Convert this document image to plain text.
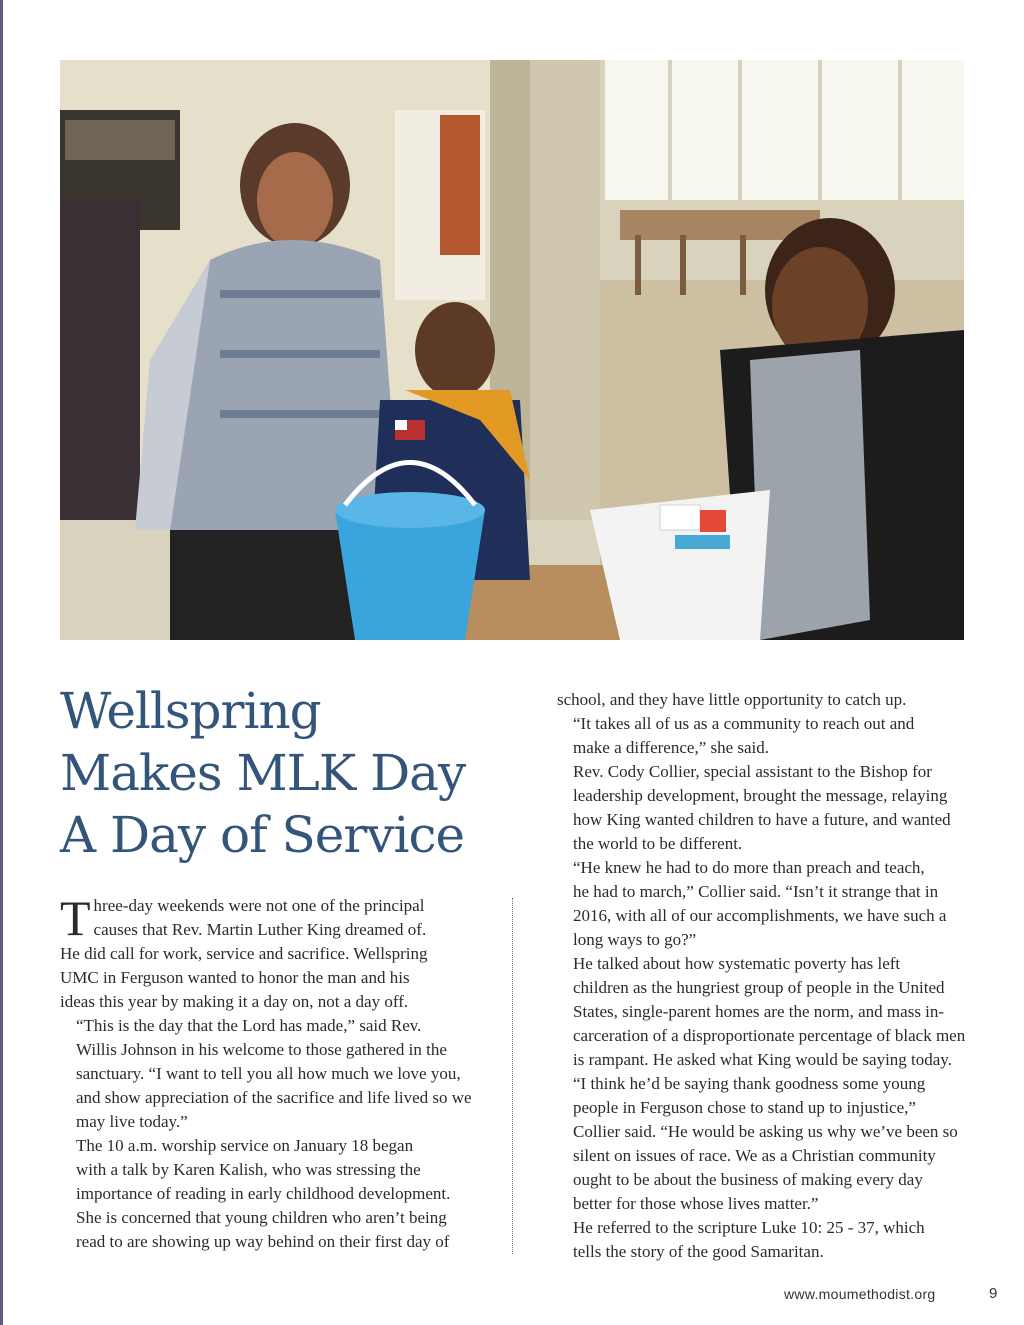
Wellspring
Makes MLK Day
A Day of Service

T hree-day weekends were not one of the principal
causes that Rev. Martin Luther King dreamed of.
He did call for work, service and sacrifice. Wellspring
UMC in Ferguson wanted to honor the man and his
ideas this year by making it a day on, not a day off.

“This is the day that the Lord has made,” said Rev.

Willis Johnson in his welcome to those gathered in the
sanctuary. “I want to tell you all how much we love you,
and show appreciation of the sacrifice and life lived so we
may live today.”

The 10 a.m. worship service on January 18 began

with a talk by Karen Kalish, who was stressing the
importance of reading in early childhood development.
She is concerned that young children who aren’t being
read to are showing up way behind on their first day of

school, and they have little opportunity to catch up.

“It takes all of us as a community to reach out and

make a difference,” she said.

Rev. Cody Collier, special assistant to the Bishop for

leadership development, brought the message, relaying
how King wanted children to have a future, and wanted
the world to be different.

“He knew he had to do more than preach and teach,

he had to march,” Collier said. “Isn’t it strange that in
2016, with all of our accomplishments, we have such a
long ways to go?”

He talked about how systematic poverty has left

children as the hungriest group of people in the United
States, single-parent homes are the norm, and mass in-
carceration of a disproportionate percentage of black men
is rampant. He asked what King would be saying today.

“I think he’d be saying thank goodness some young

people in Ferguson chose to stand up to injustice,”
Collier said. “He would be asking us why we’ve been so
silent on issues of race. We as a Christian community
ought to be about the business of making every day
better for those whose lives matter.”

He referred to the scripture Luke 10: 25 - 37, which

tells the story of the good Samaritan.

www.moumethodist.org	9
